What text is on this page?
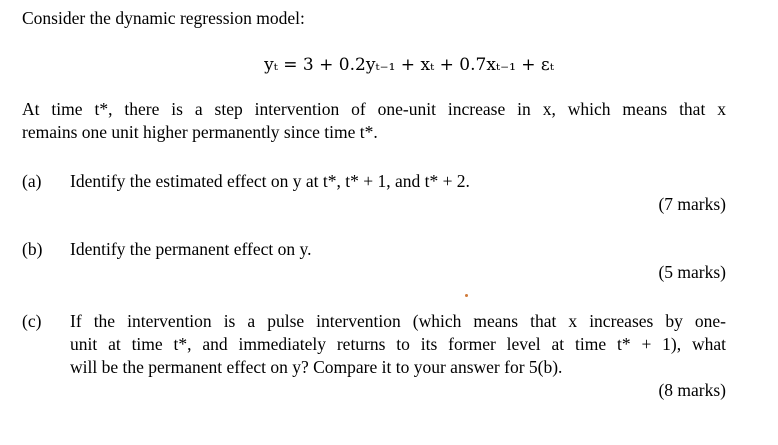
Consider the dynamic regression model:
yₜ = 3 + 0.2yₜ₋₁ + xₜ + 0.7xₜ₋₁ + εₜ
At time t*, there is a step intervention of one-unit increase in x, which means that x
remains one unit higher permanently since time t*.
(a) Identify the estimated effect on y at t*, t* + 1, and t* + 2.
(7 marks)
(b) Identify the permanent effect on y.
(5 marks)
(c) If the intervention is a pulse intervention (which means that x increases by one-
unit at time t*, and immediately returns to its former level at time t* + 1), what
will be the permanent effect on y? Compare it to your answer for 5(b).
(8 marks)
